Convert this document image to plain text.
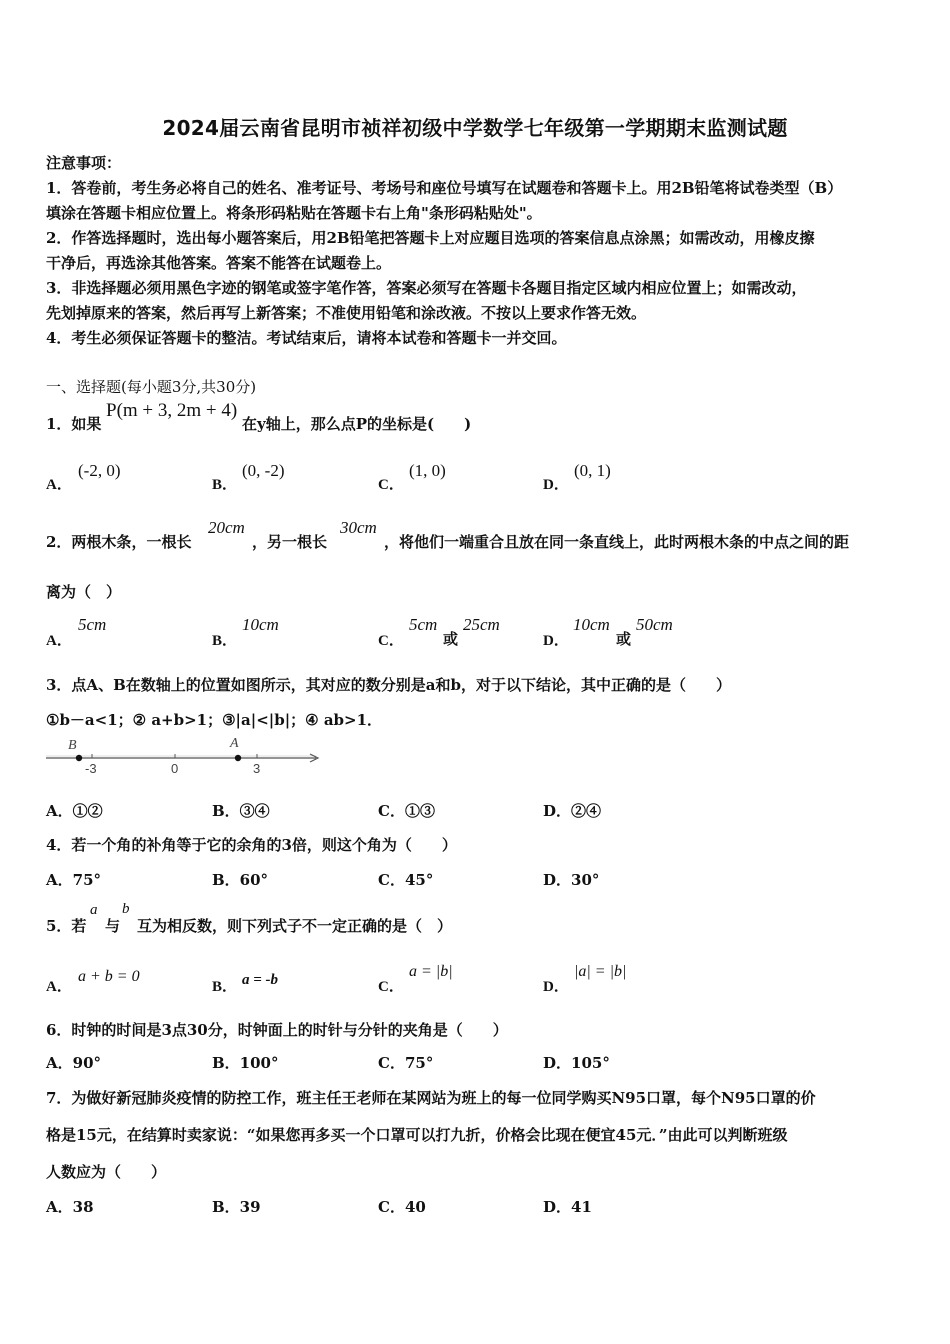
2024届云南省昆明市祯祥初级中学数学七年级第一学期期末监测试题
注意事项：
1．答卷前，考生务必将自己的姓名、准考证号、考场号和座位号填写在试题卷和答题卡上。用2B铅笔将试卷类型（B）
填涂在答题卡相应位置上。将条形码粘贴在答题卡右上角"条形码粘贴处"。
2．作答选择题时，选出每小题答案后，用2B铅笔把答题卡上对应题目选项的答案信息点涂黑；如需改动，用橡皮擦
干净后，再选涂其他答案。答案不能答在试题卷上。
3．非选择题必须用黑色字迹的钢笔或签字笔作答，答案必须写在答题卡各题目指定区域内相应位置上；如需改动，
先划掉原来的答案，然后再写上新答案；不准使用铅笔和涂改液。不按以上要求作答无效。
4．考生必须保证答题卡的整洁。考试结束后，请将本试卷和答题卡一并交回。
一、选择题(每小题3分,共30分)
1．如果
P(m + 3, 2m + 4)
在y轴上，那么点P的坐标是(　　)
A．
(-2, 0)
B．
(0, -2)
C．
(1, 0)
D．
(0, 1)
2．两根木条，一根长
20cm
，另一根长
30cm
，将他们一端重合且放在同一条直线上，此时两根木条的中点之间的距
离为（　）
A．
5cm
B．
10cm
C．
5cm
或
25cm
D．
10cm
或
50cm
3．点A、B在数轴上的位置如图所示，其对应的数分别是a和b，对于以下结论，其中正确的是（　　）
①b－a<1；② a+b>1；③|a|<|b|；④ ab>1．
B	A
-3	0	3
A．①②	B．③④	C．①③	D．②④
4．若一个角的补角等于它的余角的3倍，则这个角为（　　）
A．75°	B．60°	C．45°	D．30°
5．若
a
与
b
互为相反数，则下列式子不一定正确的是（　）
A．
a + b = 0
B． a = -b	C．
a = |b|
D．
|a| = |b|
6．时钟的时间是3点30分，时钟面上的时针与分针的夹角是（　　）
A．90°	B．100°	C．75°	D．105°
7．为做好新冠肺炎疫情的防控工作，班主任王老师在某网站为班上的每一位同学购买N95口罩，每个N95口罩的价
格是15元，在结算时卖家说：“如果您再多买一个口罩可以打九折，价格会比现在便宜45元．”由此可以判断班级
人数应为（　　）
A．38	B．39	C．40	D．41
